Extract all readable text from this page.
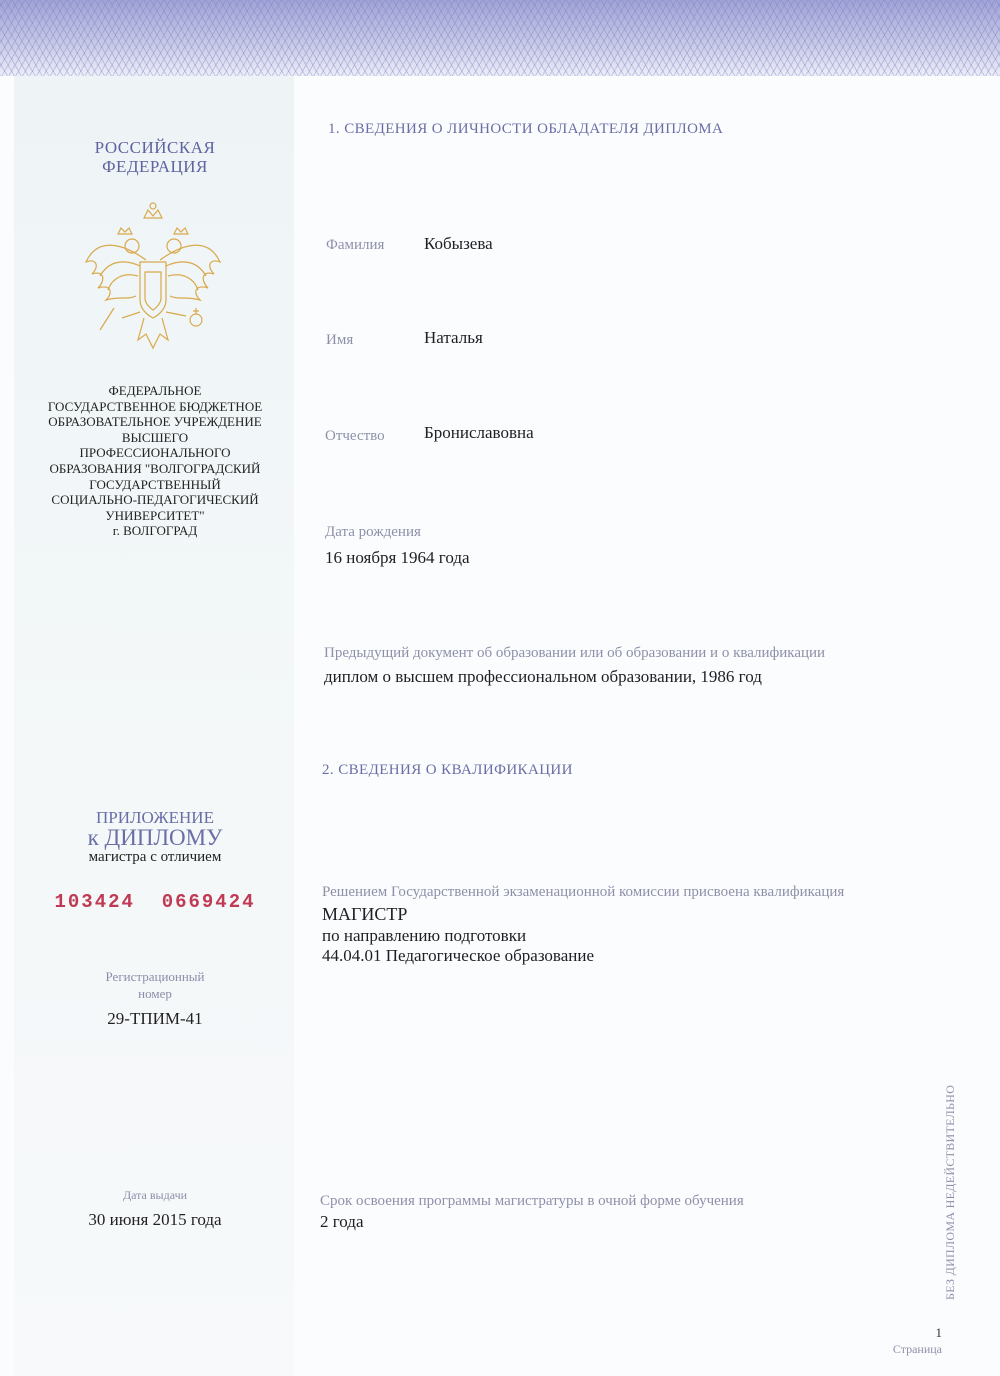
РОССИЙСКАЯ
ФЕДЕРАЦИЯ
ФЕДЕРАЛЬНОЕ
ГОСУДАРСТВЕННОЕ БЮДЖЕТНОЕ
ОБРАЗОВАТЕЛЬНОЕ УЧРЕЖДЕНИЕ
ВЫСШЕГО
ПРОФЕССИОНАЛЬНОГО
ОБРАЗОВАНИЯ "ВОЛГОГРАДСКИЙ
ГОСУДАРСТВЕННЫЙ
СОЦИАЛЬНО-ПЕДАГОГИЧЕСКИЙ
УНИВЕРСИТЕТ"
г. ВОЛГОГРАД
ПРИЛОЖЕНИЕ
к ДИПЛОМУ
магистра с отличием
103424  0669424
Регистрационный
номер
29-ТПИМ-41
Дата выдачи
30 июня 2015 года
1. СВЕДЕНИЯ О ЛИЧНОСТИ ОБЛАДАТЕЛЯ ДИПЛОМА
Фамилия Кобызева
Имя	Наталья
Отчество Брониславовна
Дата рождения
16 ноября 1964 года
Предыдущий документ об образовании или об образовании и о квалификации
диплом о высшем профессиональном образовании, 1986 год
2. СВЕДЕНИЯ О КВАЛИФИКАЦИИ
Решением Государственной экзаменационной комиссии присвоена квалификация
МАГИСТР
по направлению подготовки
44.04.01 Педагогическое образование
Срок освоения программы магистратуры в очной форме обучения
2 года	БЕЗ ДИПЛОМА НЕДЕЙСТВИТЕЛЬНО
1
Страница
